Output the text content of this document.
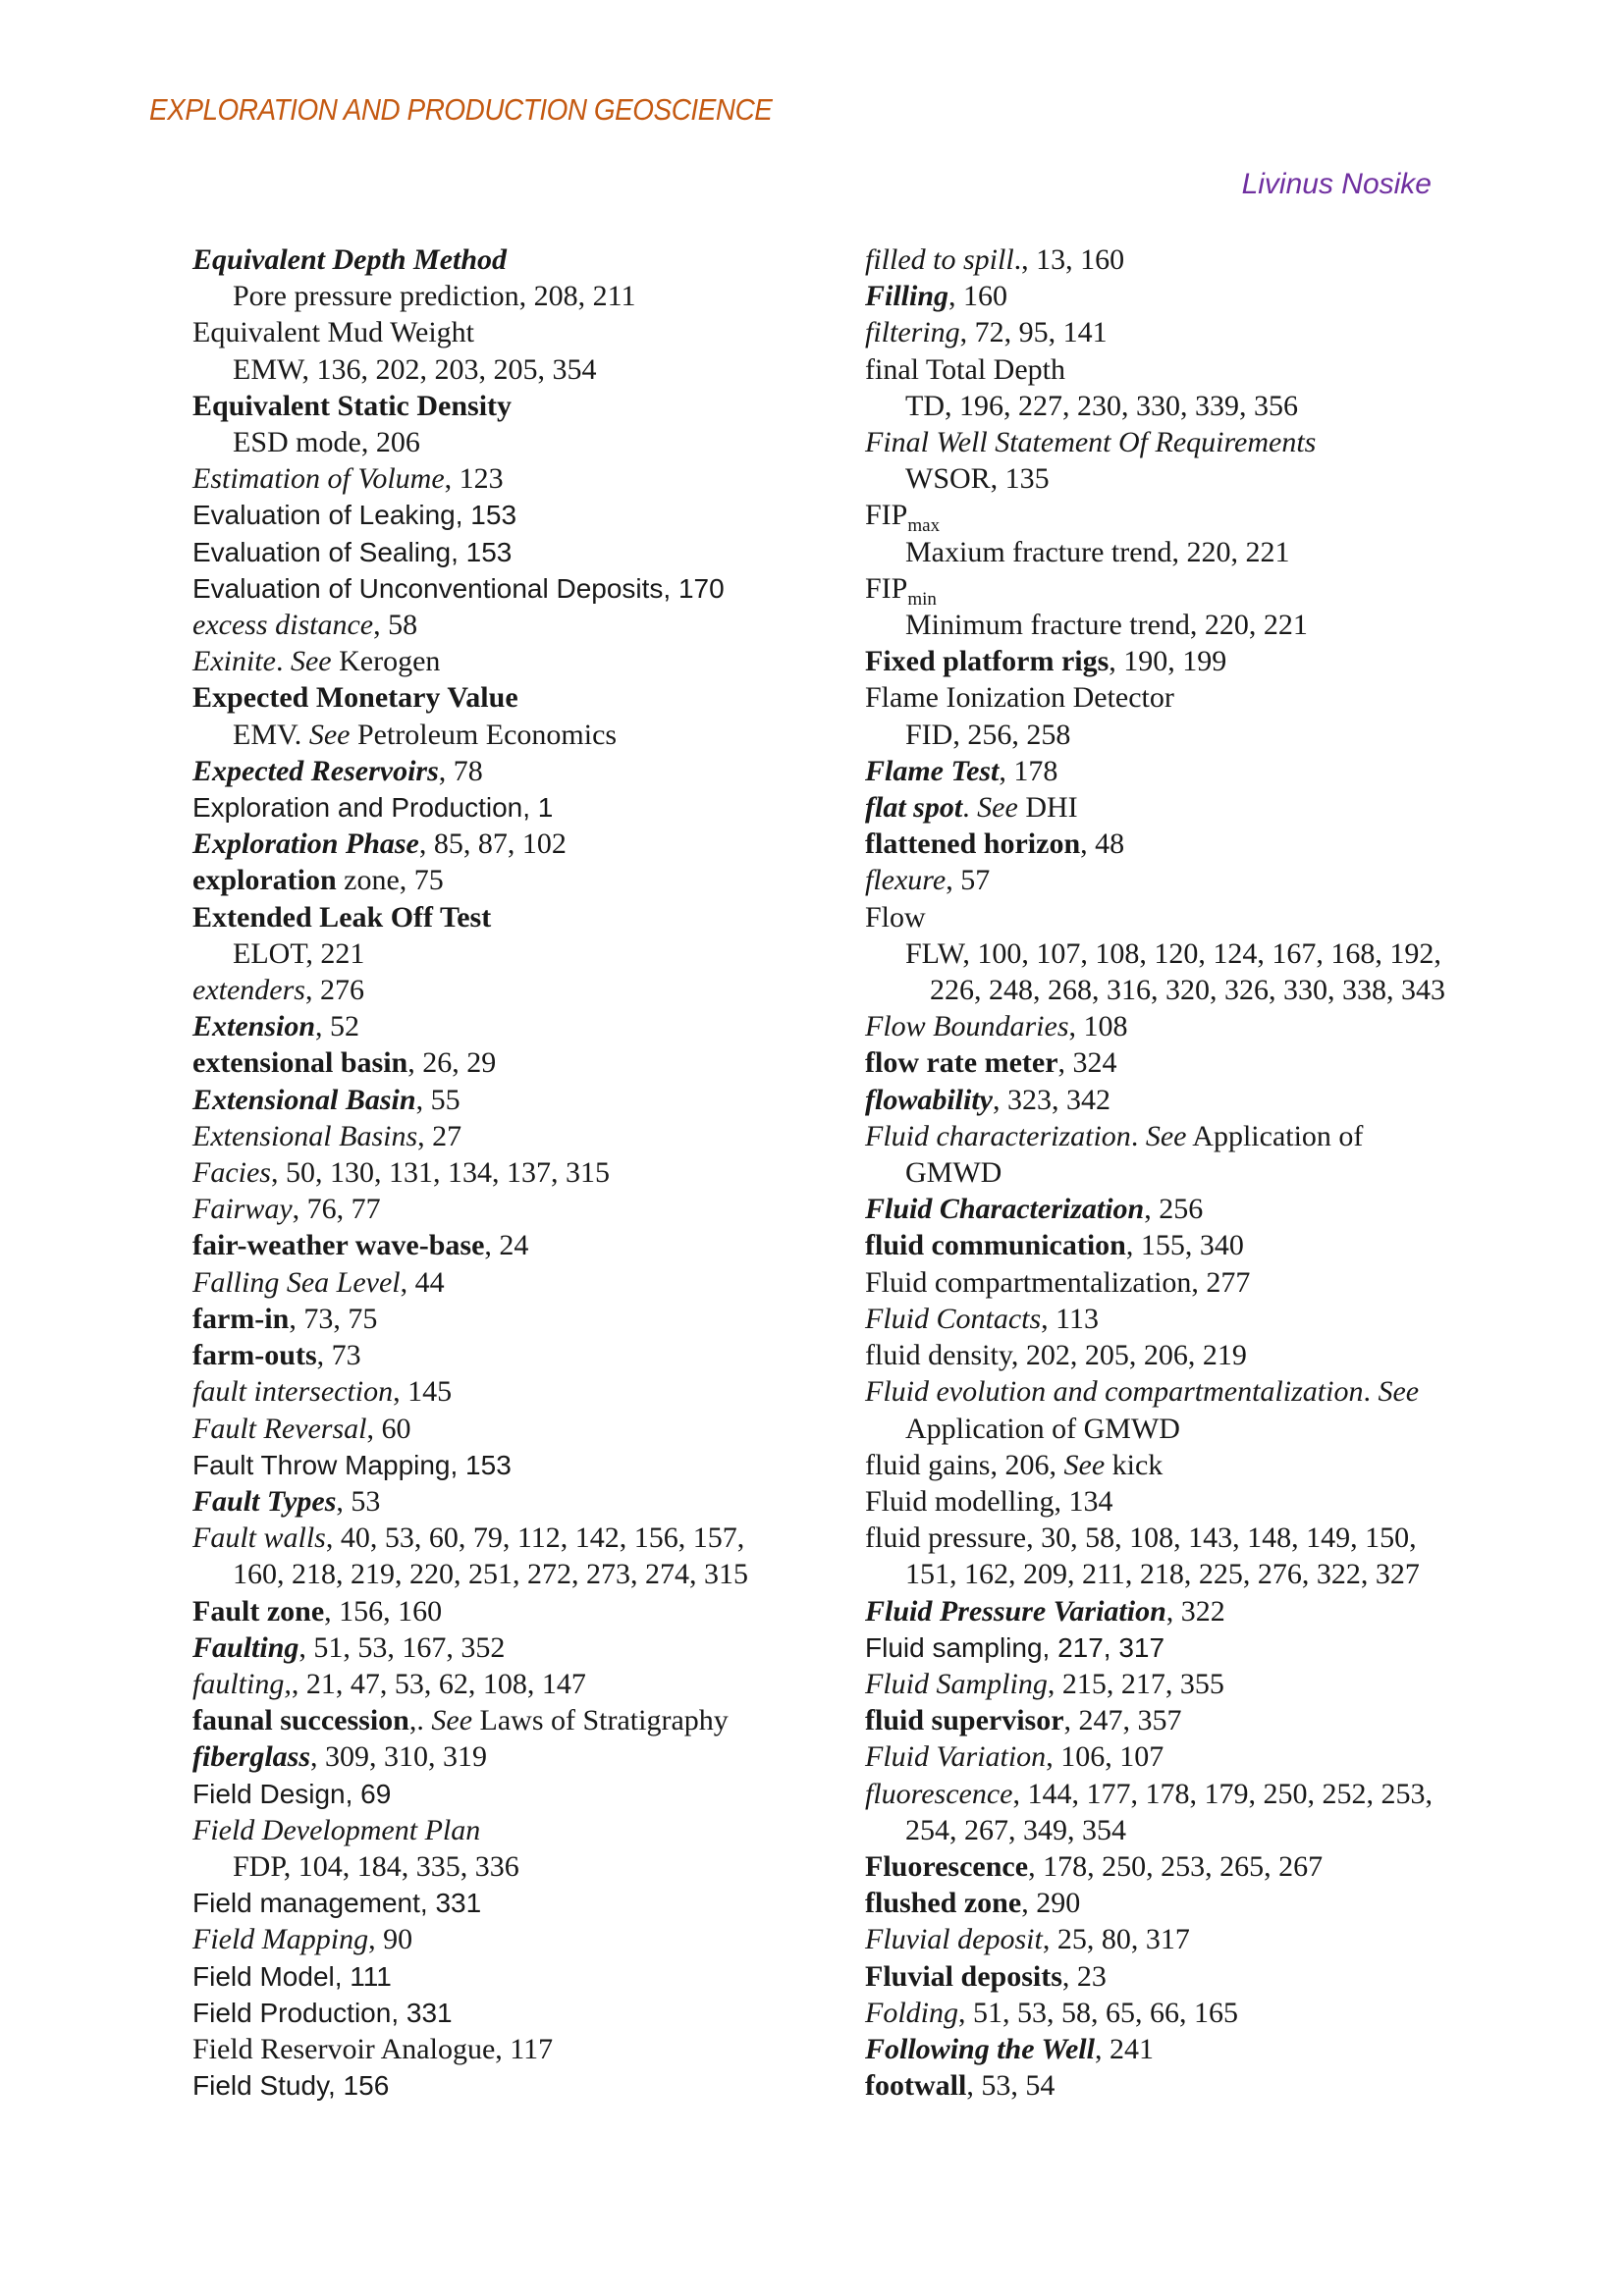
EXPLORATION AND PRODUCTION GEOSCIENCE
Livinus Nosike
Equivalent Depth Method
Pore pressure prediction, 208, 211
Equivalent Mud Weight
EMW, 136, 202, 203, 205, 354
Equivalent Static Density
ESD mode, 206
Estimation of Volume, 123
Evaluation of Leaking, 153
Evaluation of Sealing, 153
Evaluation of Unconventional Deposits, 170
excess distance, 58
Exinite. See Kerogen
Expected Monetary Value
EMV. See Petroleum Economics
Expected Reservoirs, 78
Exploration and Production, 1
Exploration Phase, 85, 87, 102
exploration zone, 75
Extended Leak Off Test
ELOT, 221
extenders, 276
Extension, 52
extensional basin, 26, 29
Extensional Basin, 55
Extensional Basins, 27
Facies, 50, 130, 131, 134, 137, 315
Fairway, 76, 77
fair-weather wave-base, 24
Falling Sea Level, 44
farm-in, 73, 75
farm-outs, 73
fault intersection, 145
Fault Reversal, 60
Fault Throw Mapping, 153
Fault Types, 53
Fault walls, 40, 53, 60, 79, 112, 142, 156, 157,
160, 218, 219, 220, 251, 272, 273, 274, 315
Fault zone, 156, 160
Faulting, 51, 53, 167, 352
faulting,, 21, 47, 53, 62, 108, 147
faunal succession,. See Laws of Stratigraphy
fiberglass, 309, 310, 319
Field Design, 69
Field Development Plan
FDP, 104, 184, 335, 336
Field management, 331
Field Mapping, 90
Field Model, 111
Field Production, 331
Field Reservoir Analogue, 117
Field Study, 156
filled to spill., 13, 160
Filling, 160
filtering, 72, 95, 141
final Total Depth
TD, 196, 227, 230, 330, 339, 356
Final Well Statement Of Requirements
WSOR, 135
$FIP_{max}$
Maxium fracture trend, 220, 221
$FIP_{min}$
Minimum fracture trend, 220, 221
Fixed platform rigs, 190, 199
Flame Ionization Detector
FID, 256, 258
Flame Test, 178
flat spot. See DHI
flattened horizon, 48
flexure, 57
Flow
FLW, 100, 107, 108, 120, 124, 167, 168, 192,
226, 248, 268, 316, 320, 326, 330, 338, 343
Flow Boundaries, 108
flow rate meter, 324
flowability, 323, 342
Fluid characterization. See Application of
GMWD
Fluid Characterization, 256
fluid communication, 155, 340
Fluid compartmentalization, 277
Fluid Contacts, 113
fluid density, 202, 205, 206, 219
Fluid evolution and compartmentalization. See
Application of GMWD
fluid gains, 206, See kick
Fluid modelling, 134
fluid pressure, 30, 58, 108, 143, 148, 149, 150,
151, 162, 209, 211, 218, 225, 276, 322, 327
Fluid Pressure Variation, 322
Fluid sampling, 217, 317
Fluid Sampling, 215, 217, 355
fluid supervisor, 247, 357
Fluid Variation, 106, 107
fluorescence, 144, 177, 178, 179, 250, 252, 253,
254, 267, 349, 354
Fluorescence, 178, 250, 253, 265, 267
flushed zone, 290
Fluvial deposit, 25, 80, 317
Fluvial deposits, 23
Folding, 51, 53, 58, 65, 66, 165
Following the Well, 241
footwall, 53, 54
